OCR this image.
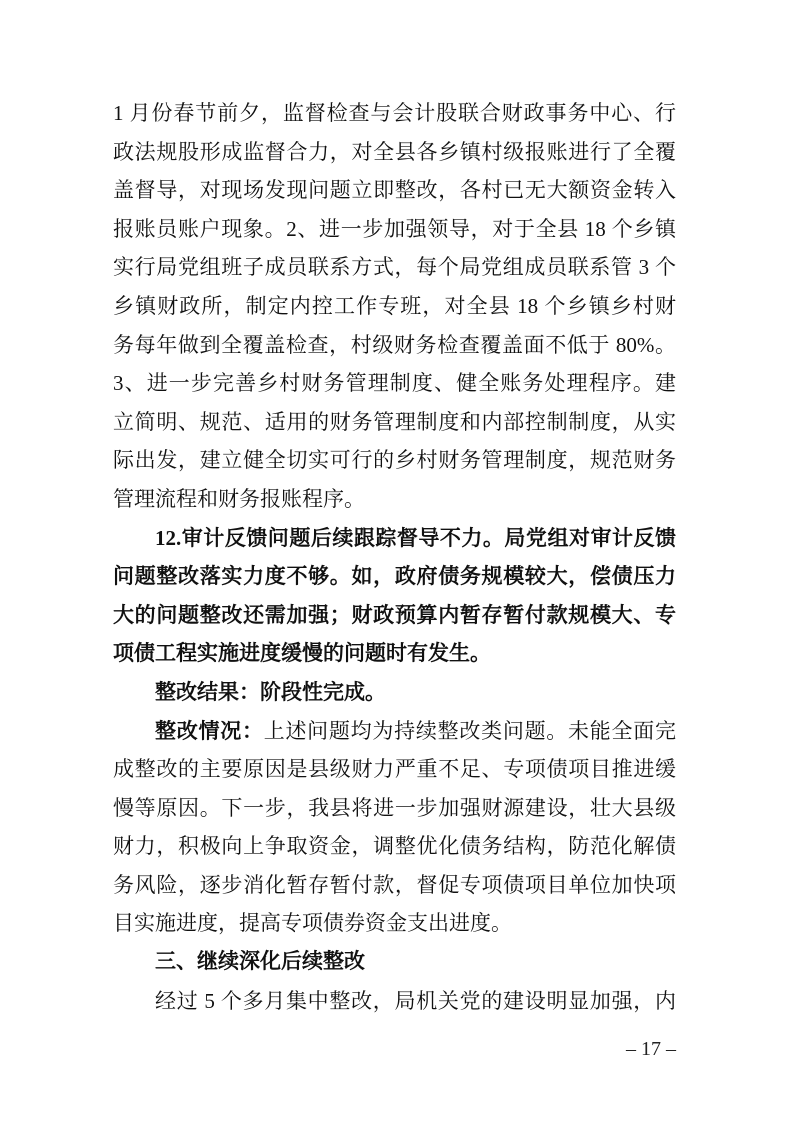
1 月份春节前夕，监督检查与会计股联合财政事务中心、行
政法规股形成监督合力，对全县各乡镇村级报账进行了全覆
盖督导，对现场发现问题立即整改，各村已无大额资金转入
报账员账户现象。2、进一步加强领导，对于全县 18 个乡镇
实行局党组班子成员联系方式，每个局党组成员联系管 3 个
乡镇财政所，制定内控工作专班，对全县 18 个乡镇乡村财
务每年做到全覆盖检查，村级财务检查覆盖面不低于 80%。
3、进一步完善乡村财务管理制度、健全账务处理程序。建
立简明、规范、适用的财务管理制度和内部控制制度，从实
际出发，建立健全切实可行的乡村财务管理制度，规范财务
管理流程和财务报账程序。
12.审计反馈问题后续跟踪督导不力。局党组对审计反馈
问题整改落实力度不够。如，政府债务规模较大，偿债压力
大的问题整改还需加强；财政预算内暂存暂付款规模大、专
项债工程实施进度缓慢的问题时有发生。
整改结果：阶段性完成。
整改情况：上述问题均为持续整改类问题。未能全面完
成整改的主要原因是县级财力严重不足、专项债项目推进缓
慢等原因。下一步，我县将进一步加强财源建设，壮大县级
财力，积极向上争取资金，调整优化债务结构，防范化解债
务风险，逐步消化暂存暂付款，督促专项债项目单位加快项
目实施进度，提高专项债券资金支出进度。
三、继续深化后续整改
经过 5 个多月集中整改，局机关党的建设明显加强，内
– 17 –
